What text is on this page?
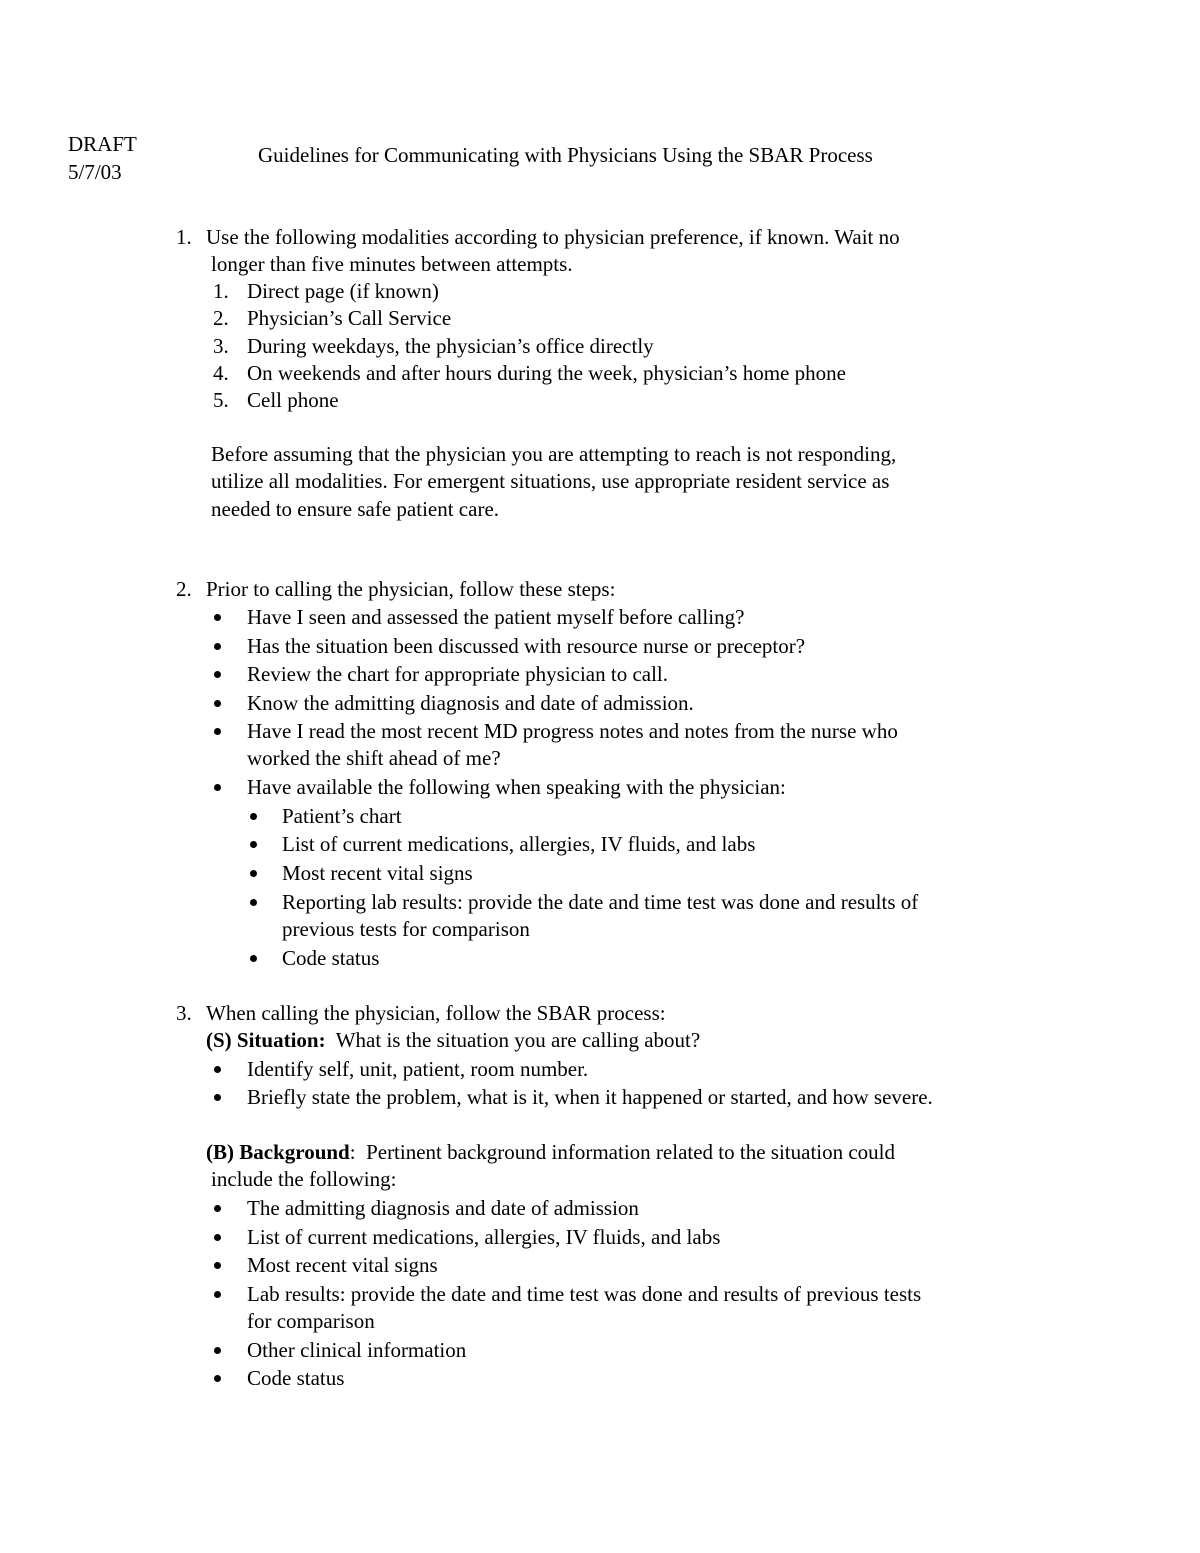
DRAFT
5/7/03
Guidelines for Communicating with Physicians Using the SBAR Process
1. Use the following modalities according to physician preference, if known. Wait no
longer than five minutes between attempts.
1. Direct page (if known)
2. Physician’s Call Service
3. During weekdays, the physician’s office directly
4. On weekends and after hours during the week, physician’s home phone
5. Cell phone
Before assuming that the physician you are attempting to reach is not responding,
utilize all modalities. For emergent situations, use appropriate resident service as
needed to ensure safe patient care.
2. Prior to calling the physician, follow these steps:
Have I seen and assessed the patient myself before calling?
Has the situation been discussed with resource nurse or preceptor?
Review the chart for appropriate physician to call.
Know the admitting diagnosis and date of admission.
Have I read the most recent MD progress notes and notes from the nurse who
worked the shift ahead of me?
Have available the following when speaking with the physician:
Patient’s chart
List of current medications, allergies, IV fluids, and labs
Most recent vital signs
Reporting lab results: provide the date and time test was done and results of
previous tests for comparison
Code status
3. When calling the physician, follow the SBAR process:
(S) Situation:  What is the situation you are calling about?
Identify self, unit, patient, room number.
Briefly state the problem, what is it, when it happened or started, and how severe.
(B) Background:  Pertinent background information related to the situation could
include the following:
The admitting diagnosis and date of admission
List of current medications, allergies, IV fluids, and labs
Most recent vital signs
Lab results: provide the date and time test was done and results of previous tests
for comparison
Other clinical information
Code status
